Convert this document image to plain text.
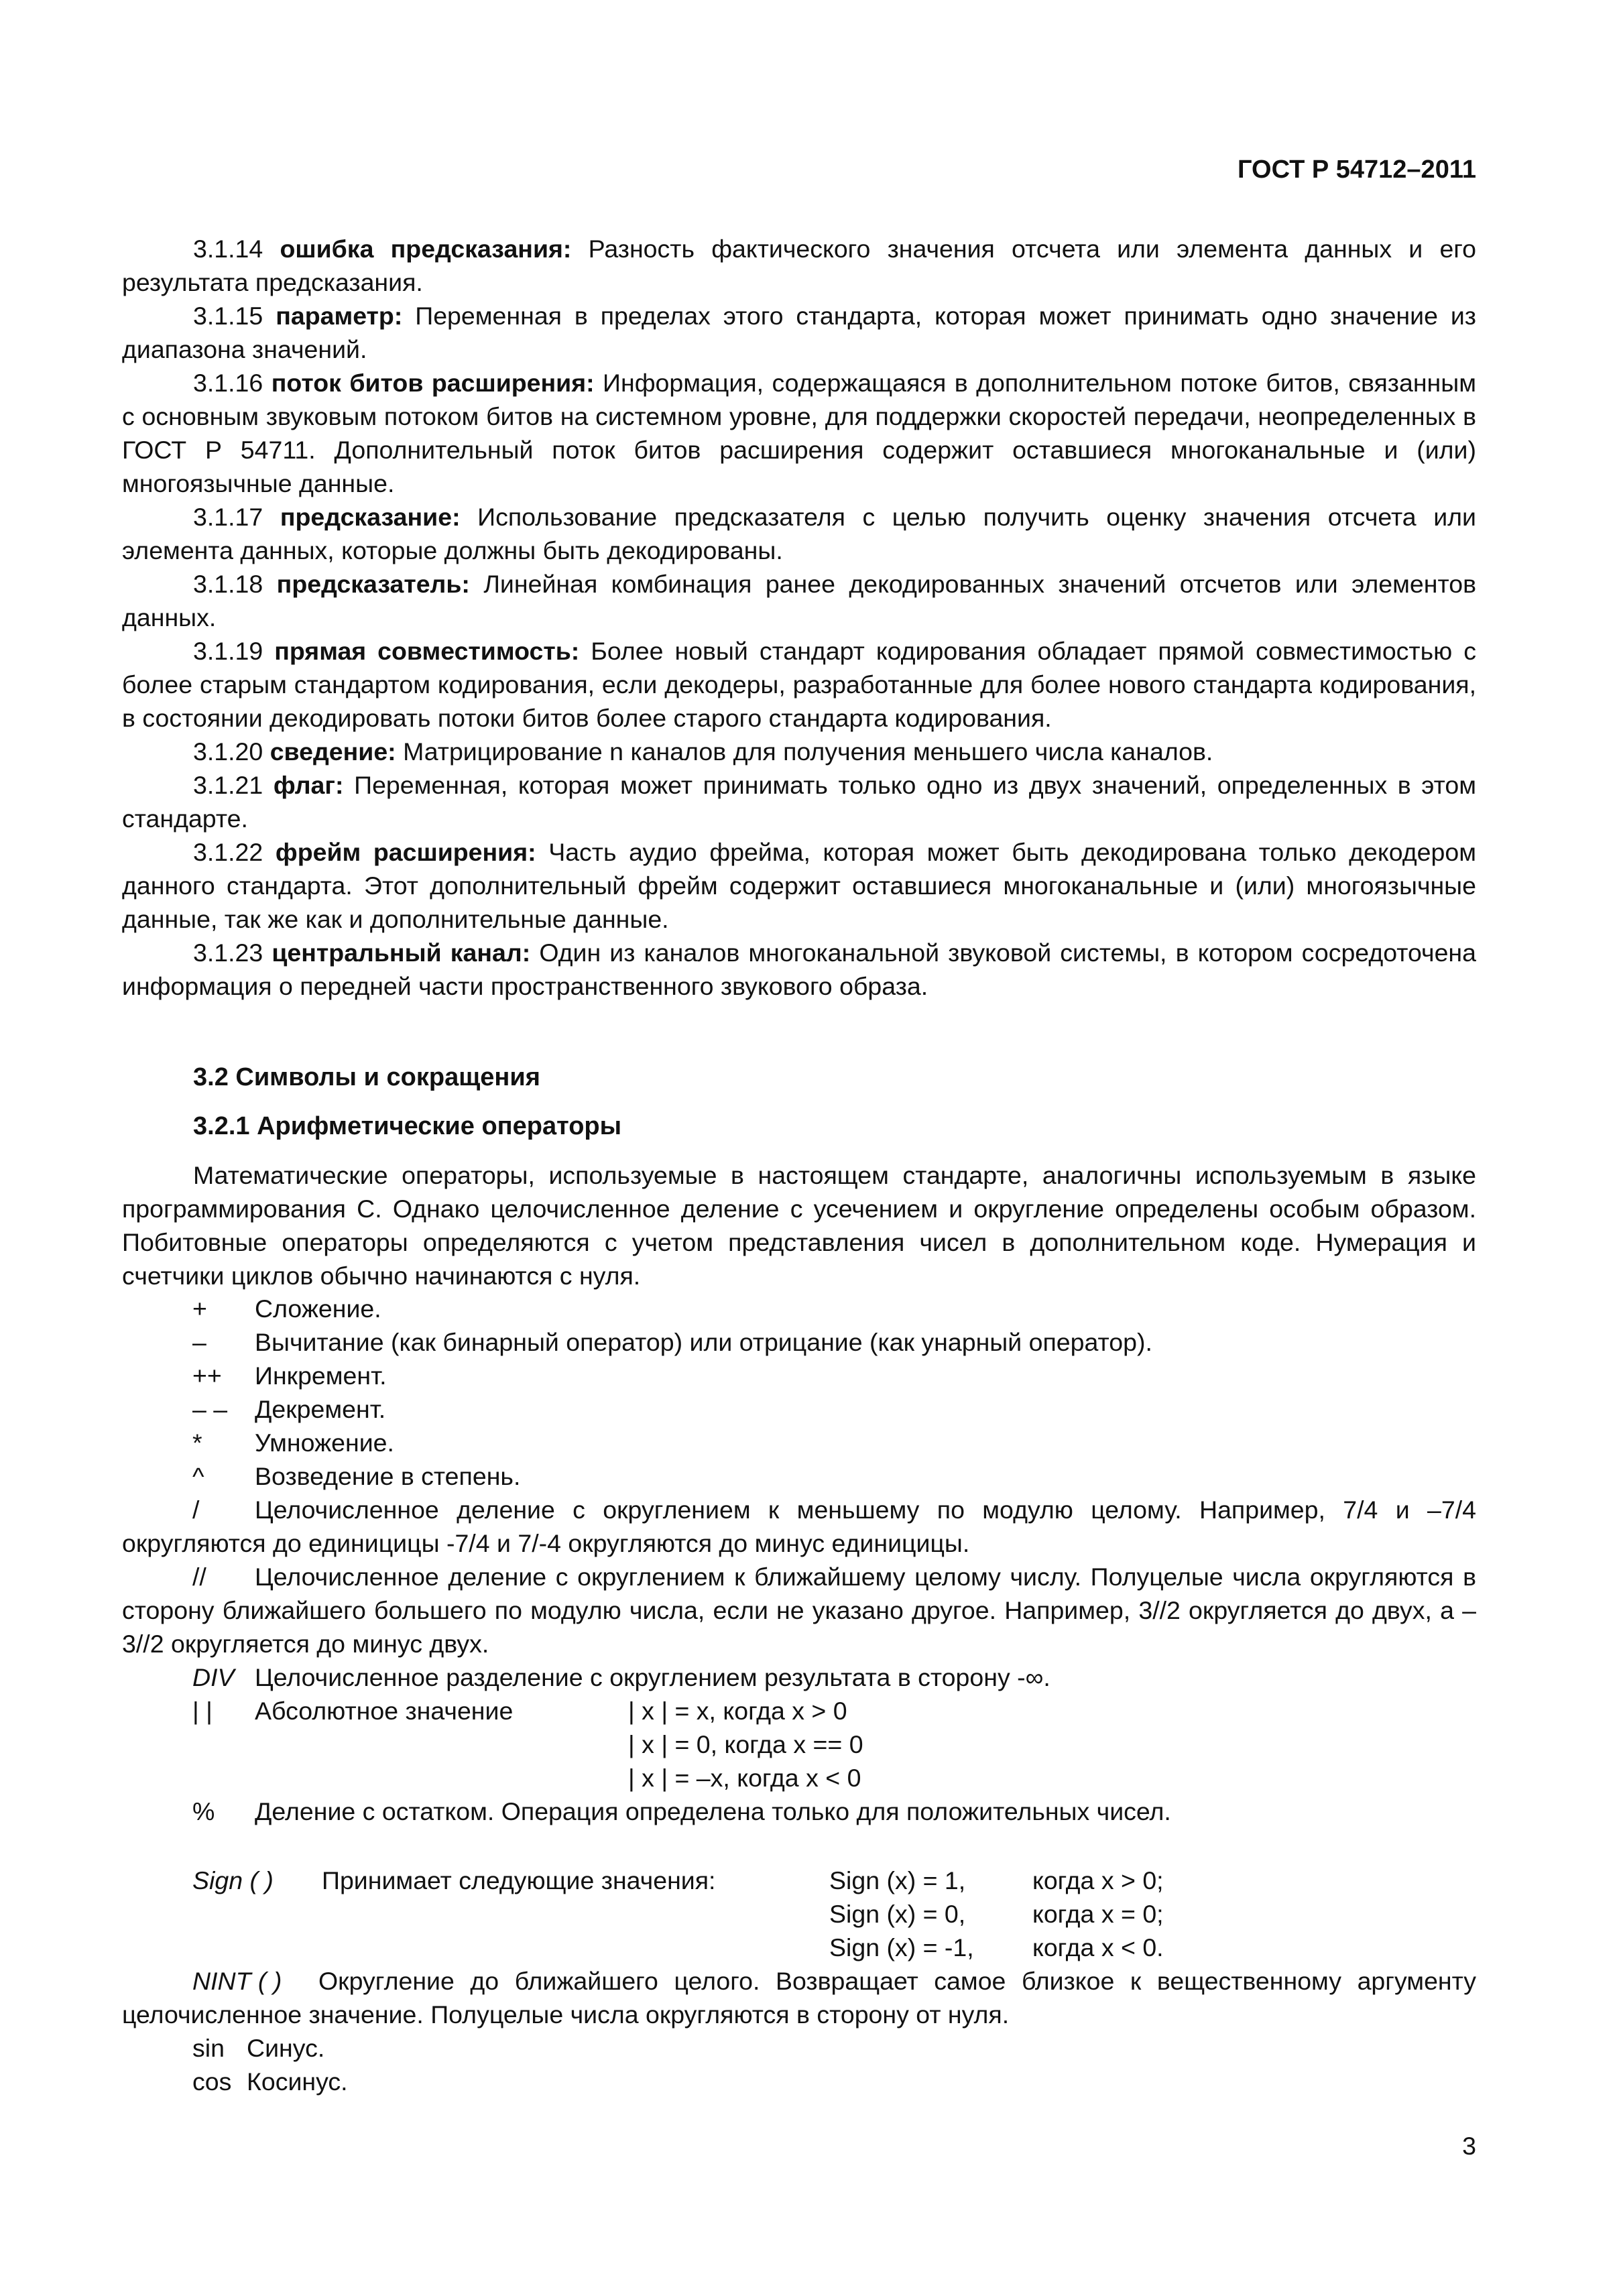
ГОСТ Р 54712–2011

3.1.14 ошибка предсказания: Разность фактического значения отсчета или элемента данных и его результата предсказания.

3.1.15 параметр: Переменная в пределах этого стандарта, которая может принимать одно значение из диапазона значений.

3.1.16 поток битов расширения: Информация, содержащаяся в дополнительном потоке битов, связанным с основным звуковым потоком битов на системном уровне, для поддержки скоростей передачи, неопределенных в ГОСТ Р 54711. Дополнительный поток битов расширения содержит оставшиеся многоканальные и (или) многоязычные данные.

3.1.17 предсказание: Использование предсказателя с целью получить оценку значения отсчета или элемента данных, которые должны быть декодированы.

3.1.18 предсказатель: Линейная комбинация ранее декодированных значений отсчетов или элементов данных.

3.1.19 прямая совместимость: Более новый стандарт кодирования обладает прямой совместимостью с более старым стандартом кодирования, если декодеры, разработанные для более нового стандарта кодирования, в состоянии декодировать потоки битов более старого стандарта кодирования.

3.1.20 сведение: Матрицирование n каналов для получения меньшего числа каналов.

3.1.21 флаг: Переменная, которая может принимать только одно из двух значений, определенных в этом стандарте.

3.1.22 фрейм расширения: Часть аудио фрейма, которая может быть декодирована только декодером данного стандарта. Этот дополнительный фрейм содержит оставшиеся многоканальные и (или) многоязычные данные, так же как и дополнительные данные.

3.1.23 центральный канал: Один из каналов многоканальной звуковой системы, в котором сосредоточена информация о передней части пространственного звукового образа.

3.2 Символы и сокращения
3.2.1 Арифметические операторы

Математические операторы, используемые в настоящем стандарте, аналогичны используемым в языке программирования C. Однако целочисленное деление с усечением и округление определены особым образом. Побитовные операторы определяются с учетом представления чисел в дополнительном коде. Нумерация и счетчики циклов обычно начинаются с нуля.

+ Сложение.
– Вычитание (как бинарный оператор) или отрицание (как унарный оператор).
++ Инкремент.
– – Декремент.
* Умножение.
^ Возведение в степень.

/ Целочисленное деление с округлением к меньшему по модулю целому. Например, 7/4 и –7/4 округляются до единицицы -7/4 и 7/-4 округляются до минус единицицы.

// Целочисленное деление с округлением к ближайшему целому числу. Полуцелые числа округляются в сторону ближайшего большего по модулю числа, если не указано другое. Например, 3//2 округляется до двух, а –3//2 округляется до минус двух.

DIV Целочисленное разделение с округлением результата в сторону -∞.
| | Абсолютное значение	| x | = x, когда x > 0
| x | = 0, когда x == 0
| x | = –x, когда x < 0
% Деление с остатком. Операция определена только для положительных чисел.
Sign ( ) Принимает следующие значения:	Sign (x) = 1,	когда x > 0;
Sign (x) = 0,	когда x = 0;
Sign (x) = -1, когда x < 0.

NINT ( ) Округление до ближайшего целого. Возвращает самое близкое к вещественному аргументу целочисленное значение. Полуцелые числа округляются в сторону от нуля.

sin Синус.
cos Косинус.
3
